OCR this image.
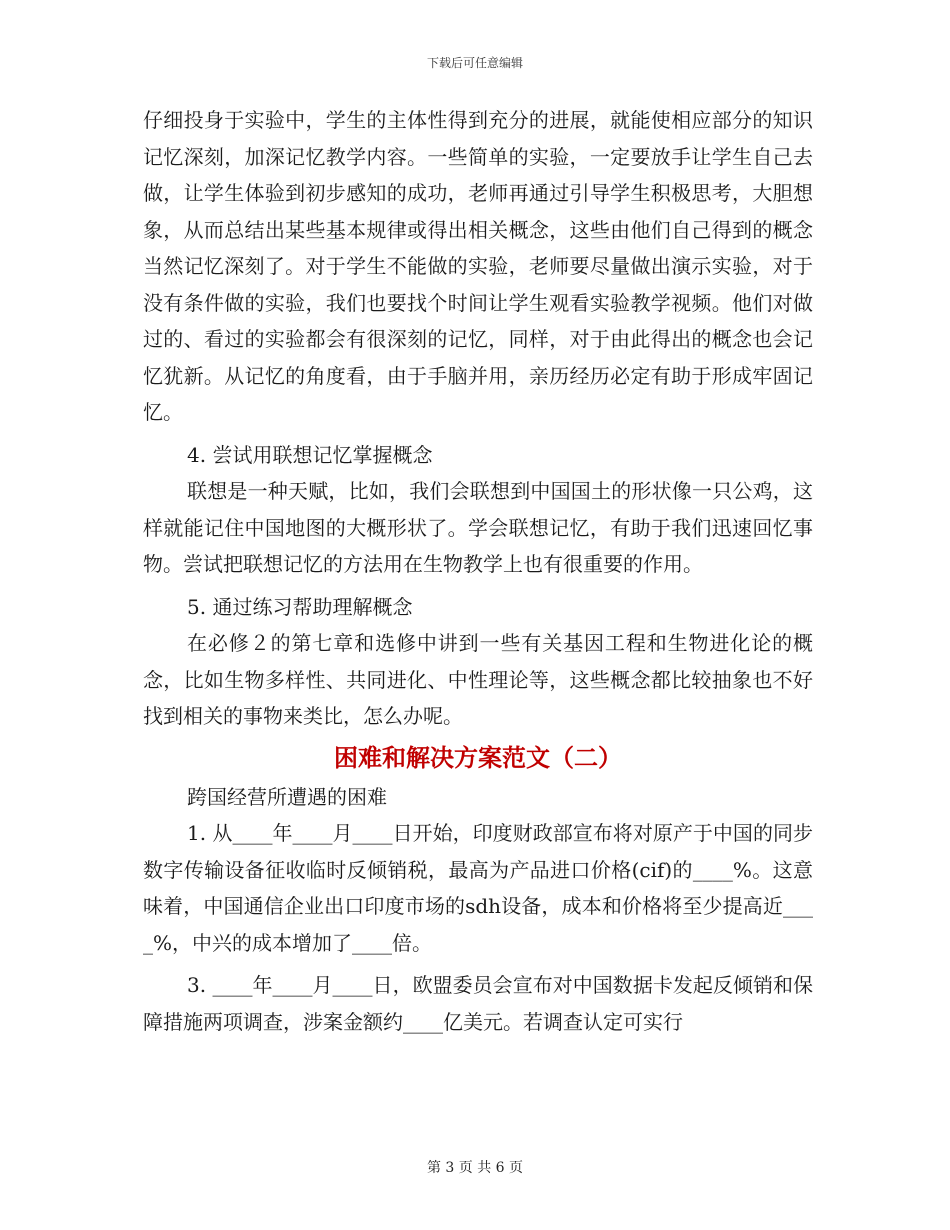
下载后可任意编辑

仔细投身于实验中，学生的主体性得到充分的进展，就能使相应部分的知识记忆深刻，加深记忆教学内容。一些简单的实验，一定要放手让学生自己去做，让学生体验到初步感知的成功，老师再通过引导学生积极思考，大胆想象，从而总结出某些基本规律或得出相关概念，这些由他们自己得到的概念当然记忆深刻了。对于学生不能做的实验，老师要尽量做出演示实验，对于没有条件做的实验，我们也要找个时间让学生观看实验教学视频。他们对做过的、看过的实验都会有很深刻的记忆，同样，对于由此得出的概念也会记忆犹新。从记忆的角度看，由于手脑并用，亲历经历必定有助于形成牢固记忆。

4. 尝试用联想记忆掌握概念

联想是一种天赋，比如，我们会联想到中国国土的形状像一只公鸡，这样就能记住中国地图的大概形状了。学会联想记忆，有助于我们迅速回忆事物。尝试把联想记忆的方法用在生物教学上也有很重要的作用。

5. 通过练习帮助理解概念

在必修２的第七章和选修中讲到一些有关基因工程和生物进化论的概念，比如生物多样性、共同进化、中性理论等，这些概念都比较抽象也不好找到相关的事物来类比，怎么办呢。

困难和解决方案范文（二）

跨国经营所遭遇的困难

1. 从____年____月____日开始，印度财政部宣布将对原产于中国的同步数字传输设备征收临时反倾销税，最高为产品进口价格(cif)的____%。这意味着，中国通信企业出口印度市场的sdh设备，成本和价格将至少提高近____%，中兴的成本增加了____倍。

3. ____年____月____日，欧盟委员会宣布对中国数据卡发起反倾销和保障措施两项调查，涉案金额约____亿美元。若调查认定可实行

第 3 页 共 6 页
